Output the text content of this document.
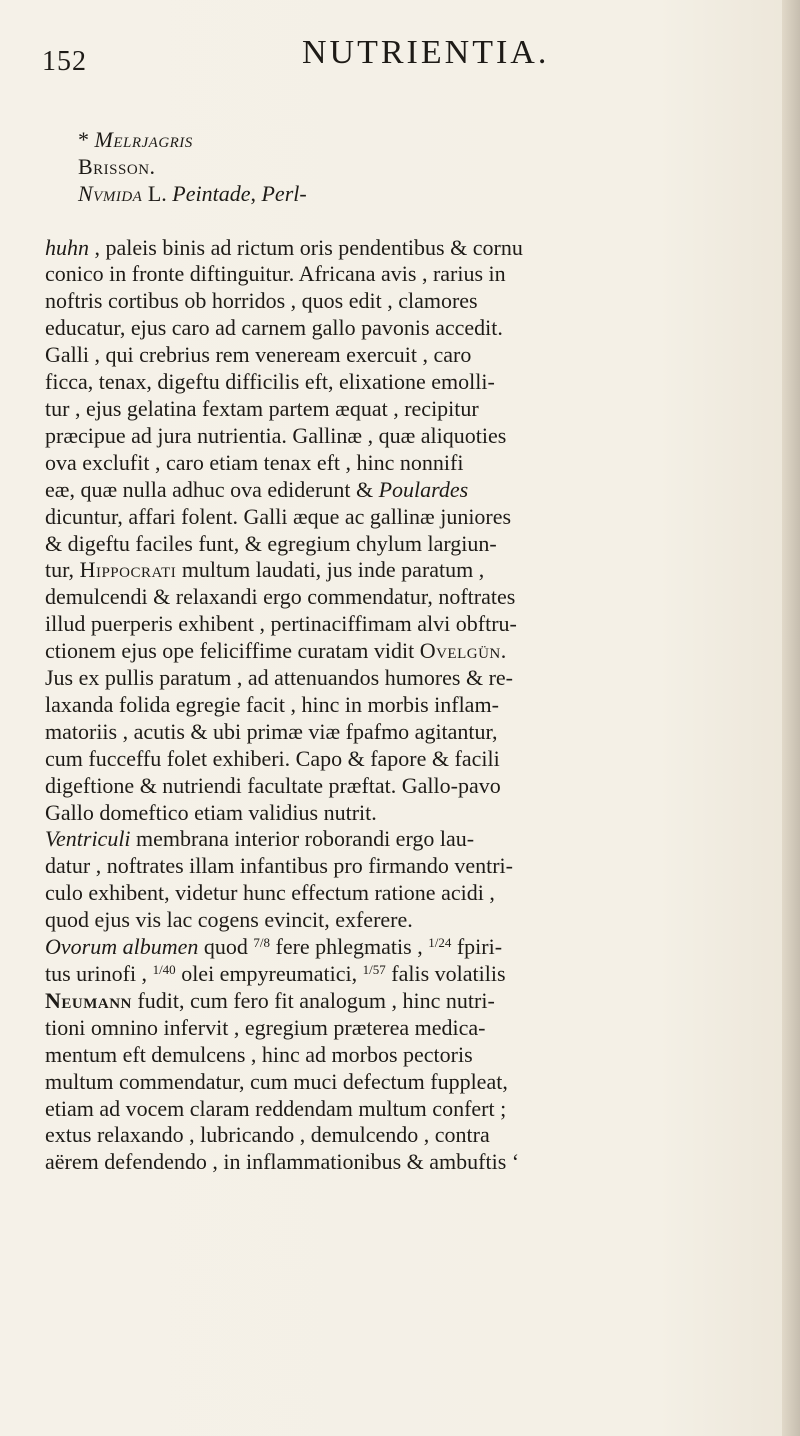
152	NUTRIENTIA.

* Melrjagris
Brisson.
Nvmida L. Peintade, Perl-

huhn , paleis binis ad rictum oris pendentibus & cornu
conico in fronte diftinguitur. Africana avis , rarius in
noftris cortibus ob horridos , quos edit , clamores
educatur, ejus caro ad carnem gallo pavonis accedit.
Galli , qui crebrius rem veneream exercuit , caro
ficca, tenax, digeftu difficilis eft, elixatione emolli-
tur , ejus gelatina fextam partem æquat , recipitur
præcipue ad jura nutrientia. Gallinæ , quæ aliquoties
ova exclufit , caro etiam tenax eft , hinc nonnifi
eæ, quæ nulla adhuc ova ediderunt & Poulardes
dicuntur, affari folent. Galli æque ac gallinæ juniores
& digeftu faciles funt, & egregium chylum largiun-
tur, Hippocrati multum laudati, jus inde paratum ,
demulcendi & relaxandi ergo commendatur, noftrates
illud puerperis exhibent , pertinaciffimam alvi obftru-
ctionem ejus ope feliciffime curatam vidit Ovelgün.
Jus ex pullis paratum , ad attenuandos humores & re-
laxanda folida egregie facit , hinc in morbis inflam-
matoriis , acutis & ubi primæ viæ fpafmo agitantur,
cum fucceffu folet exhiberi. Capo & fapore & facili
digeftione & nutriendi facultate præftat. Gallo-pavo
Gallo domeftico etiam validius nutrit.
Ventriculi membrana interior roborandi ergo lau-
datur , noftrates illam infantibus pro firmando ventri-
culo exhibent, videtur hunc effectum ratione acidi ,
quod ejus vis lac cogens evincit, exferere.
Ovorum albumen quod $^{7/8}$ fere phlegmatis , $^{1/24}$ fpiri-
tus urinofi , $^{1/40}$ olei empyreumatici, $^{1/57}$ falis volatilis
Neumann fudit, cum fero fit analogum , hinc nutri-
tioni omnino infervit , egregium præterea medica-
mentum eft demulcens , hinc ad morbos pectoris
multum commendatur, cum muci defectum fuppleat,
etiam ad vocem claram reddendam multum confert ;
extus relaxando , lubricando , demulcendo , contra
aërem defendendo , in inflammationibus & ambuftis ‘
